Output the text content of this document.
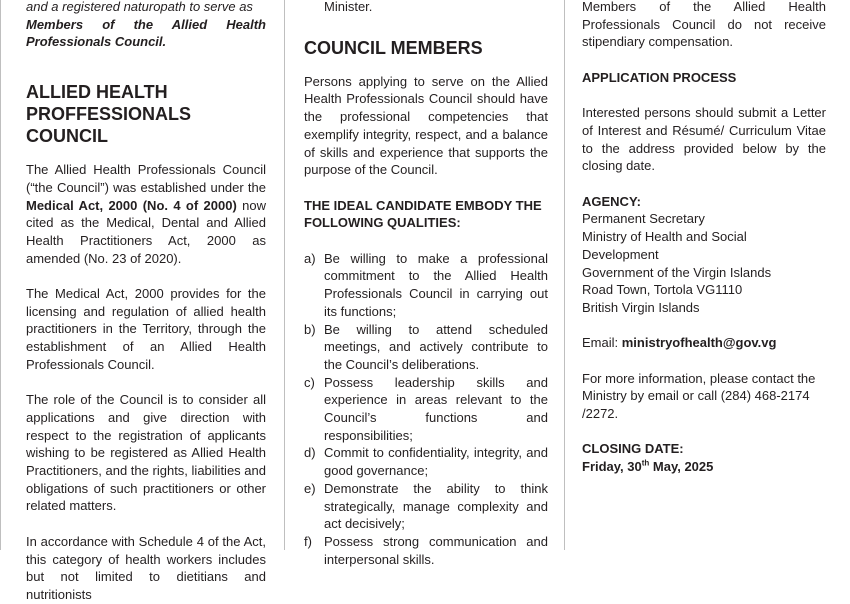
and a registered naturopath to serve as

Members of the Allied Health Professionals Council.

ALLIED HEALTH PROFFESSIONALS COUNCIL

The Allied Health Professionals Council (“the Council”) was established under the Medical Act, 2000 (No. 4 of 2000) now cited as the Medical, Dental and Allied Health Practitioners Act, 2000 as amended (No. 23 of 2020).

The Medical Act, 2000 provides for the licensing and regulation of allied health practitioners in the Territory, through the establishment of an Allied Health Professionals Council.

The role of the Council is to consider all applications and give direction with respect to the registration of applicants wishing to be registered as Allied Health Practitioners, and the rights, liabilities and obligations of such practitioners or other related matters.

In accordance with Schedule 4 of the Act, this category of health workers includes but not limited to dietitians and nutritionists

Minister.

COUNCIL MEMBERS

Persons applying to serve on the Allied Health Professionals Council should have the professional competencies that exemplify integrity, respect, and a balance of skills and experience that supports the purpose of the Council.

THE IDEAL CANDIDATE EMBODY THE FOLLOWING QUALITIES:
a) Be willing to make a professional commitment to the Allied Health Professionals Council in carrying out its functions;
b) Be willing to attend scheduled meetings, and actively contribute to the Council’s deliberations.
c) Possess leadership skills and experience in areas relevant to the Council’s functions and responsibilities;
d) Commit to confidentiality, integrity, and good governance;
e) Demonstrate the ability to think strategically, manage complexity and act decisively;
f) Possess strong communication and interpersonal skills.

Members of the Allied Health Professionals Council do not receive stipendiary compensation.

APPLICATION PROCESS

Interested persons should submit a Letter of Interest and Résumé/ Curriculum Vitae to the address provided below by the closing date.

AGENCY:

Permanent Secretary

Ministry of Health and Social Development

Government of the Virgin Islands

Road Town, Tortola VG1110

British Virgin Islands

Email: ministryofhealth@gov.vg

For more information, please contact the Ministry by email or call (284) 468-2174 /2272.

CLOSING DATE:

Friday, 30th May, 2025
